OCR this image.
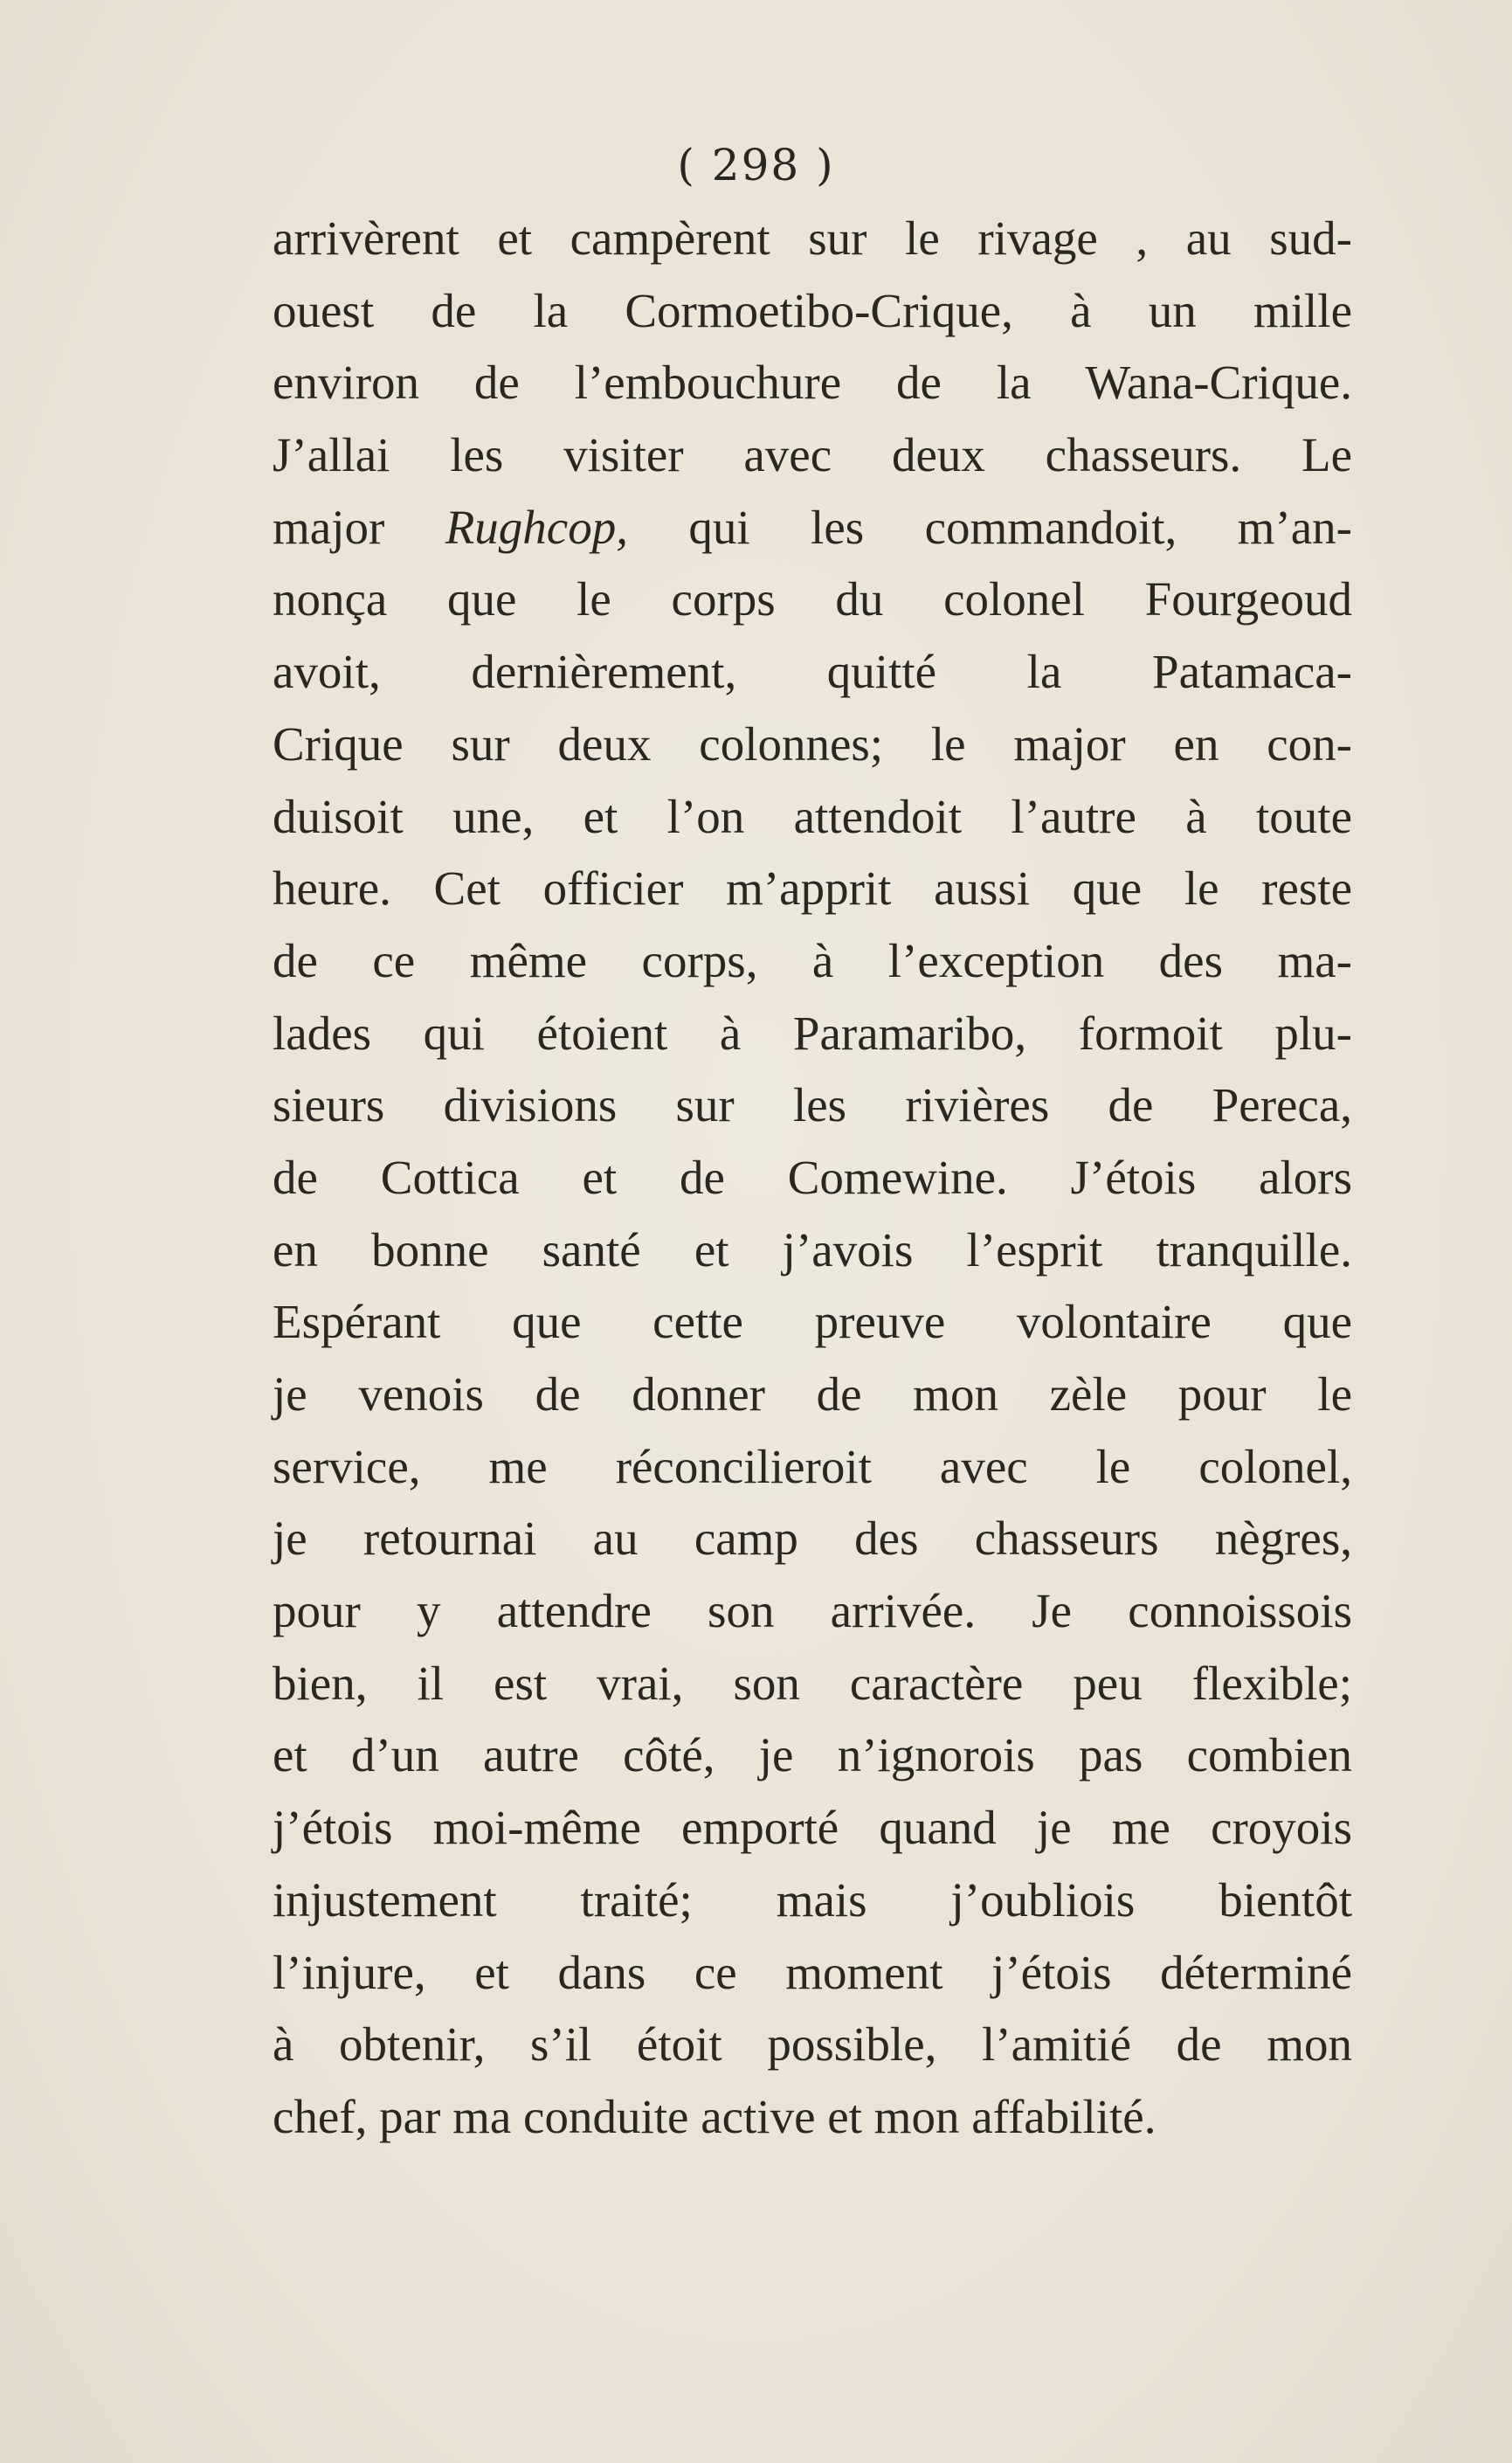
( 298 )
arrivèrent et campèrent sur le rivage , au sud-
ouest de la Cormoetibo-Crique, à un mille
environ de l’embouchure de la Wana-Crique.
J’allai les visiter avec deux chasseurs. Le
major Rughcop, qui les commandoit, m’an-
nonça que le corps du colonel Fourgeoud
avoit, dernièrement, quitté la Patamaca-
Crique sur deux colonnes; le major en con-
duisoit une, et l’on attendoit l’autre à toute
heure. Cet officier m’apprit aussi que le reste
de ce même corps, à l’exception des ma-
lades qui étoient à Paramaribo, formoit plu-
sieurs divisions sur les rivières de Pereca,
de Cottica et de Comewine. J’étois alors
en bonne santé et j’avois l’esprit tranquille.
Espérant que cette preuve volontaire que
je venois de donner de mon zèle pour le
service, me réconcilieroit avec le colonel,
je retournai au camp des chasseurs nègres,
pour y attendre son arrivée. Je connoissois
bien, il est vrai, son caractère peu flexible;
et d’un autre côté, je n’ignorois pas combien
j’étois moi-même emporté quand je me croyois
injustement traité; mais j’oubliois bientôt
l’injure, et dans ce moment j’étois déterminé
à obtenir, s’il étoit possible, l’amitié de mon
chef, par ma conduite active et mon affabilité.
